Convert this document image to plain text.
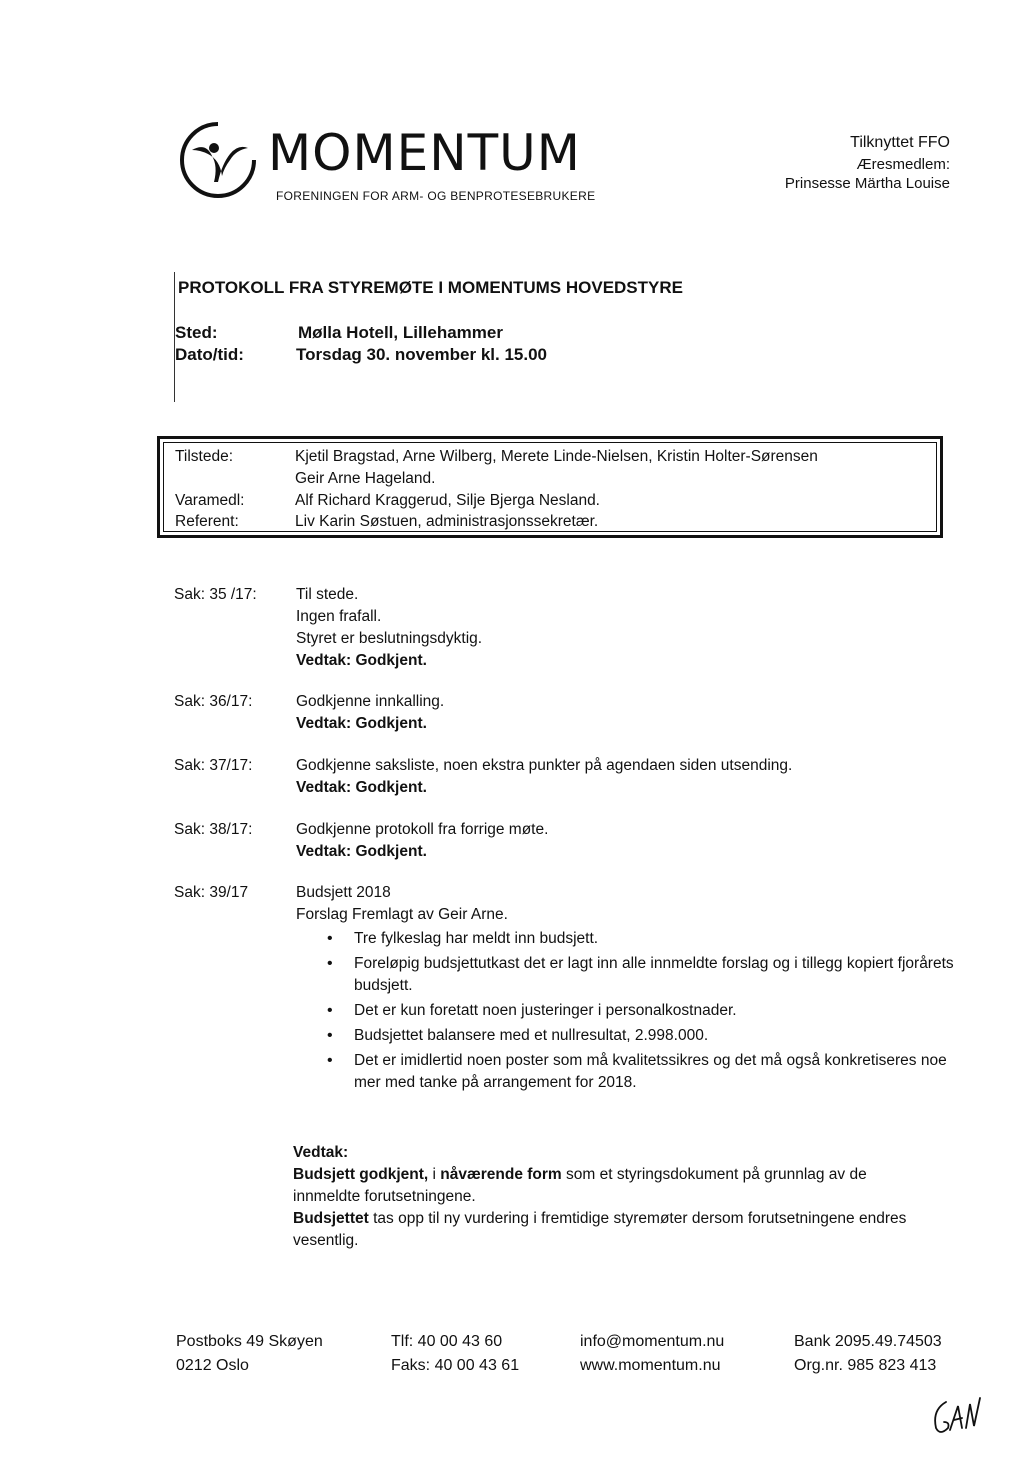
MOMENTUM
FORENINGEN FOR ARM- OG BENPROTESEBRUKERE
Tilknyttet FFO
Æresmedlem:
Prinsesse Märtha Louise
PROTOKOLL FRA STYREMØTE I MOMENTUMS HOVEDSTYRE
Sted:	Mølla Hotell, Lillehammer
Dato/tid:	Torsdag 30. november kl. 15.00
Tilstede:	Kjetil Bragstad, Arne Wilberg, Merete Linde-Nielsen, Kristin Holter-Sørensen
Geir Arne Hageland.
Varamedl:	Alf Richard Kraggerud, Silje Bjerga Nesland.
Referent:	Liv Karin Søstuen, administrasjonssekretær.
Sak: 35 /17:	Til stede.
Ingen frafall.
Styret er beslutningsdyktig.
Vedtak: Godkjent.
Sak: 36/17:	Godkjenne innkalling.
Vedtak: Godkjent.
Sak: 37/17:	Godkjenne saksliste, noen ekstra punkter på agendaen siden utsending.
Vedtak: Godkjent.
Sak: 38/17:	Godkjenne protokoll fra forrige møte.
Vedtak: Godkjent.
Sak: 39/17	Budsjett 2018
Forslag Fremlagt av Geir Arne.
• Tre fylkeslag har meldt inn budsjett.
• Foreløpig budsjettutkast det er lagt inn alle innmeldte forslag og i tillegg kopiert fjorårets budsjett.
• Det er kun foretatt noen justeringer i personalkostnader.
• Budsjettet balansere med et nullresultat, 2.998.000.
• Det er imidlertid noen poster som må kvalitetssikres og det må også konkretiseres noe mer med tanke på arrangement for 2018.
Vedtak:
Budsjett godkjent, i nåværende form som et styringsdokument på grunnlag av de innmeldte forutsetningene.
Budsjettet tas opp til ny vurdering i fremtidige styremøter dersom forutsetningene endres vesentlig.
Postboks 49 Skøyen
0212 Oslo
Tlf: 40 00 43 60
Faks: 40 00 43 61
info@momentum.nu
www.momentum.nu
Bank 2095.49.74503
Org.nr. 985 823 413
